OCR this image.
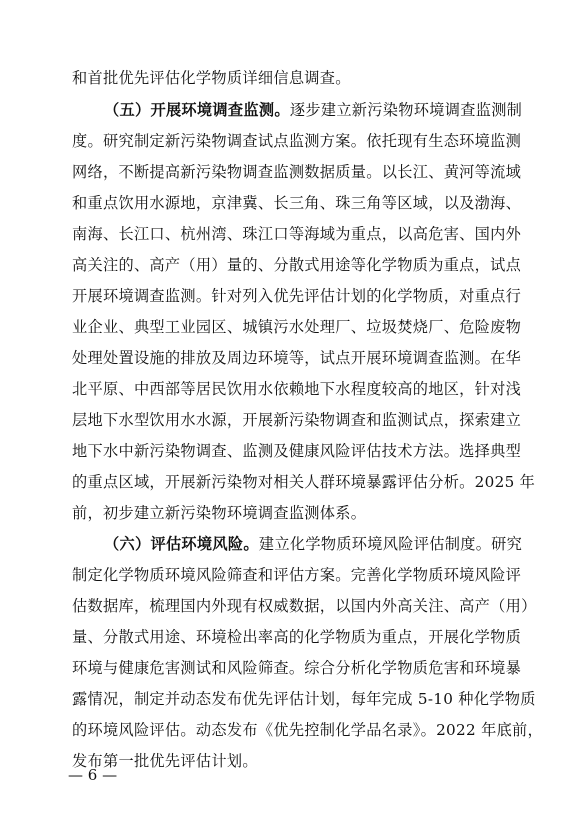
和首批优先评估化学物质详细信息调查。
（五）开展环境调查监测。逐步建立新污染物环境调查监测制
度。研究制定新污染物调查试点监测方案。依托现有生态环境监测
网络，不断提高新污染物调查监测数据质量。以长江、黄河等流域
和重点饮用水源地，京津冀、长三角、珠三角等区域，以及渤海、
南海、长江口、杭州湾、珠江口等海域为重点，以高危害、国内外
高关注的、高产（用）量的、分散式用途等化学物质为重点，试点
开展环境调查监测。针对列入优先评估计划的化学物质，对重点行
业企业、典型工业园区、城镇污水处理厂、垃圾焚烧厂、危险废物
处理处置设施的排放及周边环境等，试点开展环境调查监测。在华
北平原、中西部等居民饮用水依赖地下水程度较高的地区，针对浅
层地下水型饮用水水源，开展新污染物调查和监测试点，探索建立
地下水中新污染物调查、监测及健康风险评估技术方法。选择典型
的重点区域，开展新污染物对相关人群环境暴露评估分析。2025 年
前，初步建立新污染物环境调查监测体系。
（六）评估环境风险。建立化学物质环境风险评估制度。研究
制定化学物质环境风险筛查和评估方案。完善化学物质环境风险评
估数据库，梳理国内外现有权威数据，以国内外高关注、高产（用）
量、分散式用途、环境检出率高的化学物质为重点，开展化学物质
环境与健康危害测试和风险筛查。综合分析化学物质危害和环境暴
露情况，制定并动态发布优先评估计划，每年完成 5-10 种化学物质
的环境风险评估。动态发布《优先控制化学品名录》。2022 年底前，
发布第一批优先评估计划。
— 6 —
